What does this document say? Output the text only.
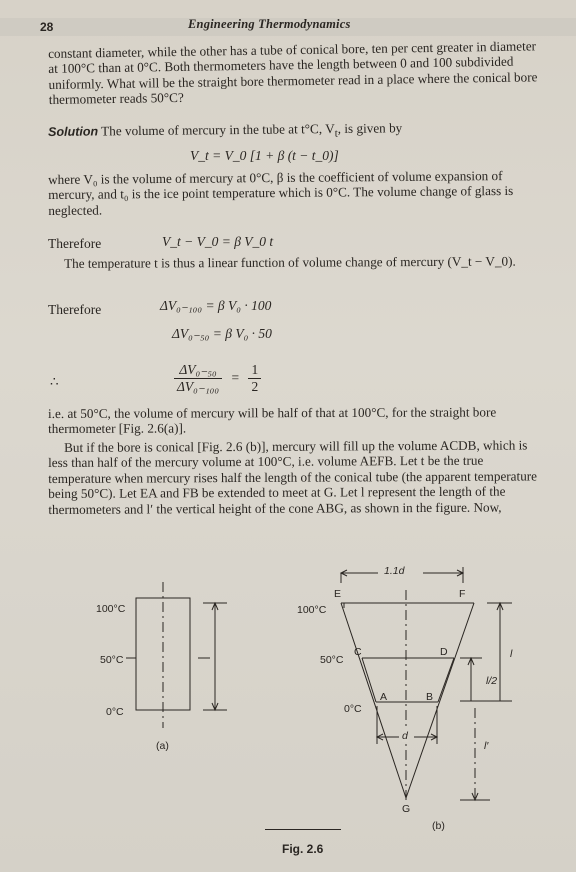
28	Engineering Thermodynamics

constant diameter, while the other has a tube of conical bore, ten per cent greater in diameter at 100°C than at 0°C. Both thermometers have the length between 0 and 100 subdivided uniformly. What will be the straight bore thermometer read in a place where the conical bore thermometer reads 50°C?

Solution The volume of mercury in the tube at t°C, $V_t$, is given by
V_t = V_0 [1 + β (t − t_0)]

where V₀ is the volume of mercury at 0°C, β is the coefficient of volume expansion of mercury, and t₀ is the ice point temperature which is 0°C. The volume change of glass is neglected.

Therefore	V_t − V_0 = β V_0 t

The temperature t is thus a linear function of volume change of mercury (V_t − V_0).

Therefore	ΔV₀₋₁₀₀ = β V₀ · 100
ΔV₀₋₅₀ = β V₀ · 50
∴	$\frac{\text{ΔV₀₋₅₀}}{\text{ΔV₀₋₁₀₀}} = \frac{1}{2}$

i.e. at 50°C, the volume of mercury will be half of that at 100°C, for the straight bore thermometer [Fig. 2.6(a)].

But if the bore is conical [Fig. 2.6 (b)], mercury will fill up the volume ACDB, which is less than half of the mercury volume at 100°C, i.e. volume AEFB. Let t be the true temperature when mercury rises half the length of the conical tube (the apparent temperature being 50°C). Let EA and FB be extended to meet at G. Let l represent the length of the thermometers and l′ the vertical height of the cone ABG, as shown in the figure. Now,

100°C
50°C
0°C
(a)
1.1d
E	F
100°C
50°C
0°C
C	D
A	B
d
G
l
l/2
l′
(b)
Fig. 2.6
